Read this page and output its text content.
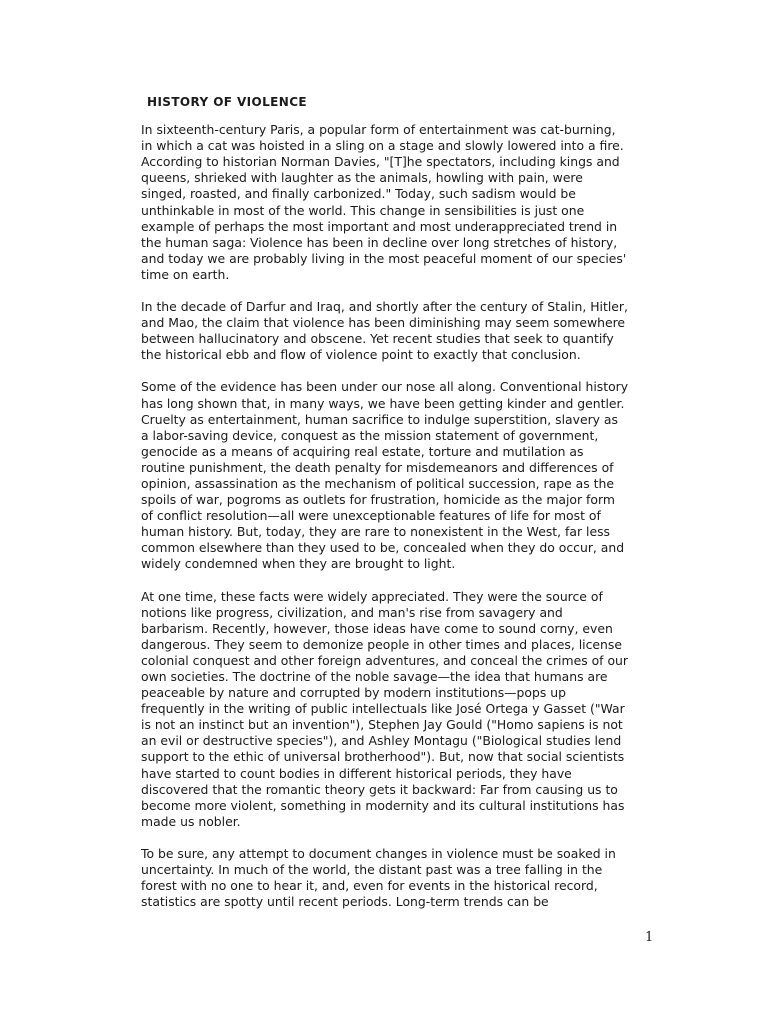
HISTORY OF VIOLENCE

In sixteenth-century Paris, a popular form of entertainment was cat-burning, in which a cat was hoisted in a sling on a stage and slowly lowered into a fire. According to historian Norman Davies, "[T]he spectators, including kings and queens, shrieked with laughter as the animals, howling with pain, were singed, roasted, and finally carbonized." Today, such sadism would be unthinkable in most of the world. This change in sensibilities is just one example of perhaps the most important and most underappreciated trend in the human saga: Violence has been in decline over long stretches of history, and today we are probably living in the most peaceful moment of our species' time on earth.

In the decade of Darfur and Iraq, and shortly after the century of Stalin, Hitler, and Mao, the claim that violence has been diminishing may seem somewhere between hallucinatory and obscene. Yet recent studies that seek to quantify the historical ebb and flow of violence point to exactly that conclusion.

Some of the evidence has been under our nose all along. Conventional history has long shown that, in many ways, we have been getting kinder and gentler. Cruelty as entertainment, human sacrifice to indulge superstition, slavery as a labor-saving device, conquest as the mission statement of government, genocide as a means of acquiring real estate, torture and mutilation as routine punishment, the death penalty for misdemeanors and differences of opinion, assassination as the mechanism of political succession, rape as the spoils of war, pogroms as outlets for frustration, homicide as the major form of conflict resolution—all were unexceptionable features of life for most of human history. But, today, they are rare to nonexistent in the West, far less common elsewhere than they used to be, concealed when they do occur, and widely condemned when they are brought to light.

At one time, these facts were widely appreciated. They were the source of notions like progress, civilization, and man's rise from savagery and barbarism. Recently, however, those ideas have come to sound corny, even dangerous. They seem to demonize people in other times and places, license colonial conquest and other foreign adventures, and conceal the crimes of our own societies. The doctrine of the noble savage—the idea that humans are peaceable by nature and corrupted by modern institutions—pops up frequently in the writing of public intellectuals like José Ortega y Gasset ("War is not an instinct but an invention"), Stephen Jay Gould ("Homo sapiens is not an evil or destructive species"), and Ashley Montagu ("Biological studies lend support to the ethic of universal brotherhood"). But, now that social scientists have started to count bodies in different historical periods, they have discovered that the romantic theory gets it backward: Far from causing us to become more violent, something in modernity and its cultural institutions has made us nobler.

To be sure, any attempt to document changes in violence must be soaked in uncertainty. In much of the world, the distant past was a tree falling in the forest with no one to hear it, and, even for events in the historical record, statistics are spotty until recent periods. Long-term trends can be

1
